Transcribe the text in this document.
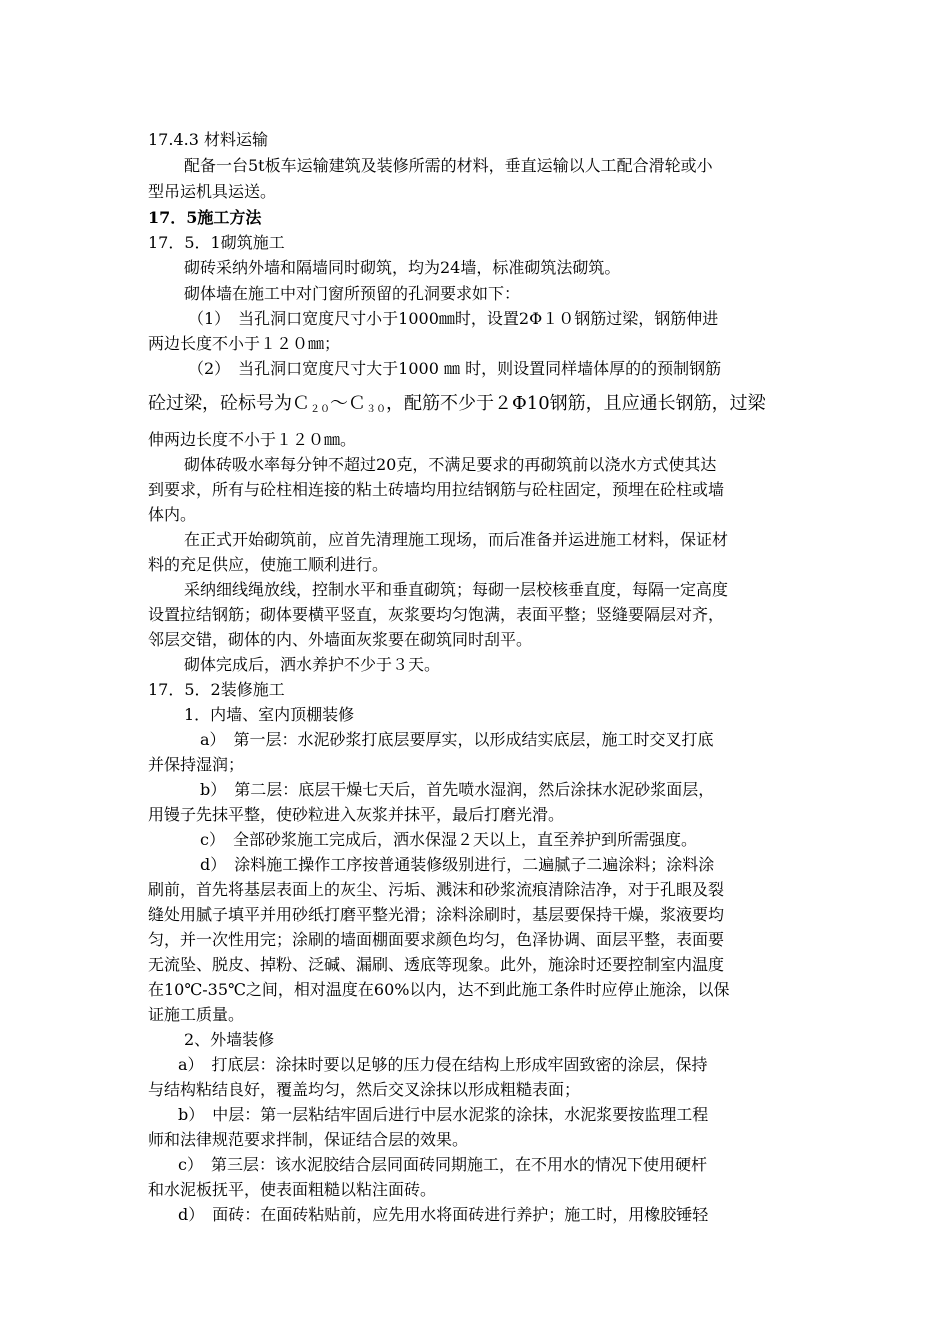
17.4.3 材料运输
配备一台5t板车运输建筑及装修所需的材料，垂直运输以人工配合滑轮或小
型吊运机具运送。
17．5施工方法
17．5．1砌筑施工
砌砖采纳外墙和隔墙同时砌筑，均为24墙，标准砌筑法砌筑。
砌体墙在施工中对门窗所预留的孔洞要求如下：
（1）　当孔洞口宽度尺寸小于1000㎜时，设置2Φ１０钢筋过梁，钢筋伸进
两边长度不小于１２０㎜；
（2）　当孔洞口宽度尺寸大于1000 ㎜ 时，则设置同样墙体厚的的预制钢筋
砼过梁，砼标号为Ｃ$_{20}$～Ｃ$_{30}$，配筋不少于２Φ10钢筋，且应通长钢筋，过梁
伸两边长度不小于１２０㎜。
砌体砖吸水率每分钟不超过20克，不满足要求的再砌筑前以浇水方式使其达
到要求，所有与砼柱相连接的粘土砖墙均用拉结钢筋与砼柱固定，预埋在砼柱或墙
体内。
在正式开始砌筑前，应首先清理施工现场，而后准备并运进施工材料，保证材
料的充足供应，使施工顺利进行。
采纳细线绳放线，控制水平和垂直砌筑；每砌一层校核垂直度，每隔一定高度
设置拉结钢筋；砌体要横平竖直，灰浆要均匀饱满，表面平整；竖缝要隔层对齐，
邻层交错，砌体的内、外墙面灰浆要在砌筑同时刮平。
砌体完成后，洒水养护不少于３天。
17．5．2装修施工
1．内墙、室内顶棚装修
a）　第一层：水泥砂浆打底层要厚实，以形成结实底层，施工时交叉打底
并保持湿润；
b）　第二层：底层干燥七天后，首先喷水湿润，然后涂抹水泥砂浆面层，
用镘子先抹平整，使砂粒进入灰浆并抹平，最后打磨光滑。
c）　全部砂浆施工完成后，洒水保湿２天以上，直至养护到所需强度。
d）　涂料施工操作工序按普通装修级别进行，二遍腻子二遍涂料；涂料涂
刷前，首先将基层表面上的灰尘、污垢、溅沫和砂浆流痕清除洁净，对于孔眼及裂
缝处用腻子填平并用砂纸打磨平整光滑；涂料涂刷时，基层要保持干燥，浆液要均
匀，并一次性用完；涂刷的墙面棚面要求颜色均匀，色泽协调、面层平整，表面要
无流坠、脱皮、掉粉、泛碱、漏刷、透底等现象。此外，施涂时还要控制室内温度
在10℃-35℃之间，相对温度在60%以内，达不到此施工条件时应停止施涂，以保
证施工质量。
2、外墙装修
a）　打底层：涂抹时要以足够的压力侵在结构上形成牢固致密的涂层，保持
与结构粘结良好，覆盖均匀，然后交叉涂抹以形成粗糙表面；
b）　中层：第一层粘结牢固后进行中层水泥浆的涂抹，水泥浆要按监理工程
师和法律规范要求拌制，保证结合层的效果。
c）　第三层：该水泥胶结合层同面砖同期施工，在不用水的情况下使用硬杆
和水泥板抚平，使表面粗糙以粘注面砖。
d）　面砖：在面砖粘贴前，应先用水将面砖进行养护；施工时，用橡胶锤轻
